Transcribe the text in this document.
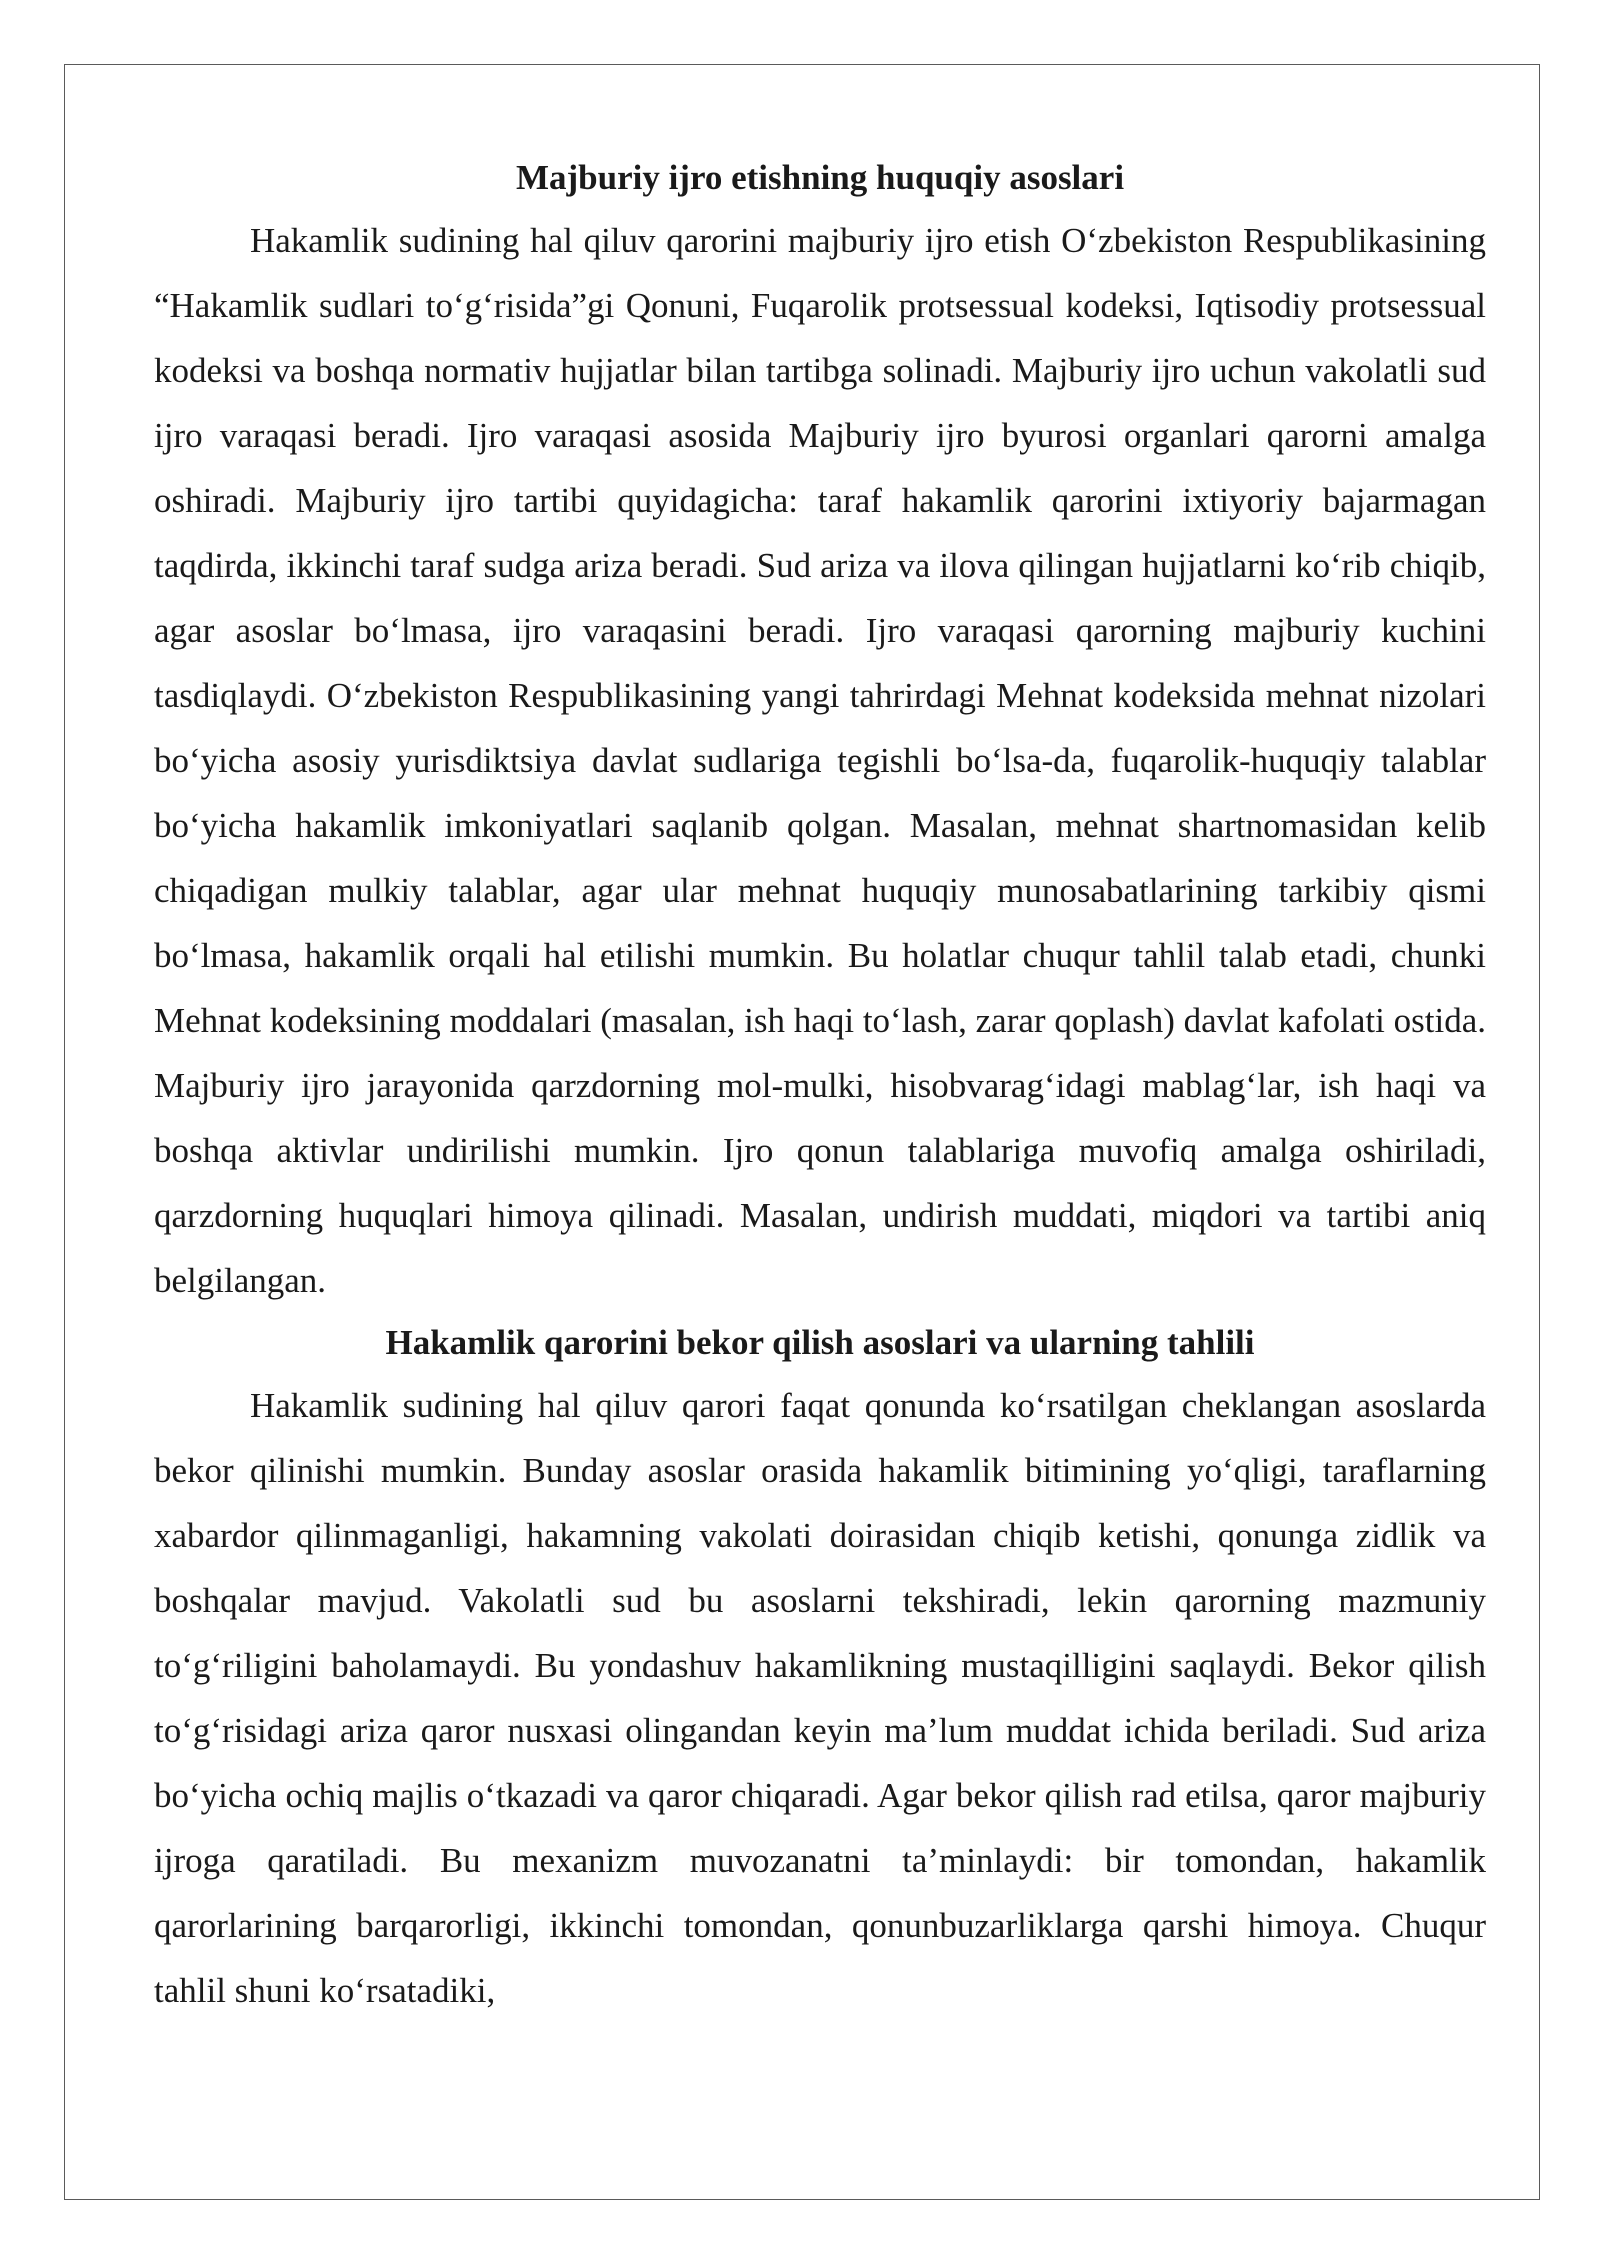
Majburiy ijro etishning huquqiy asoslari

Hakamlik sudining hal qiluv qarorini majburiy ijro etish O‘zbekiston Respublikasining “Hakamlik sudlari to‘g‘risida”gi Qonuni, Fuqarolik protsessual kodeksi, Iqtisodiy protsessual kodeksi va boshqa normativ hujjatlar bilan tartibga solinadi. Majburiy ijro uchun vakolatli sud ijro varaqasi beradi. Ijro varaqasi asosida Majburiy ijro byurosi organlari qarorni amalga oshiradi. Majburiy ijro tartibi quyidagicha: taraf hakamlik qarorini ixtiyoriy bajarmagan taqdirda, ikkinchi taraf sudga ariza beradi. Sud ariza va ilova qilingan hujjatlarni ko‘rib chiqib, agar asoslar bo‘lmasa, ijro varaqasini beradi. Ijro varaqasi qarorning majburiy kuchini tasdiqlaydi. O‘zbekiston Respublikasining yangi tahrirdagi Mehnat kodeksida mehnat nizolari bo‘yicha asosiy yurisdiktsiya davlat sudlariga tegishli bo‘lsa-da, fuqarolik-huquqiy talablar bo‘yicha hakamlik imkoniyatlari saqlanib qolgan. Masalan, mehnat shartnomasidan kelib chiqadigan mulkiy talablar, agar ular mehnat huquqiy munosabatlarining tarkibiy qismi bo‘lmasa, hakamlik orqali hal etilishi mumkin. Bu holatlar chuqur tahlil talab etadi, chunki Mehnat kodeksining moddalari (masalan, ish haqi to‘lash, zarar qoplash) davlat kafolati ostida. Majburiy ijro jarayonida qarzdorning mol-mulki, hisobvarag‘idagi mablag‘lar, ish haqi va boshqa aktivlar undirilishi mumkin. Ijro qonun talablariga muvofiq amalga oshiriladi, qarzdorning huquqlari himoya qilinadi. Masalan, undirish muddati, miqdori va tartibi aniq belgilangan.

Hakamlik qarorini bekor qilish asoslari va ularning tahlili

Hakamlik sudining hal qiluv qarori faqat qonunda ko‘rsatilgan cheklangan asoslarda bekor qilinishi mumkin. Bunday asoslar orasida hakamlik bitimining yo‘qligi, taraflarning xabardor qilinmaganligi, hakamning vakolati doirasidan chiqib ketishi, qonunga zidlik va boshqalar mavjud. Vakolatli sud bu asoslarni tekshiradi, lekin qarorning mazmuniy to‘g‘riligini baholamaydi. Bu yondashuv hakamlikning mustaqilligini saqlaydi. Bekor qilish to‘g‘risidagi ariza qaror nusxasi olingandan keyin ma’lum muddat ichida beriladi. Sud ariza bo‘yicha ochiq majlis o‘tkazadi va qaror chiqaradi. Agar bekor qilish rad etilsa, qaror majburiy ijroga qaratiladi. Bu mexanizm muvozanatni ta’minlaydi: bir tomondan, hakamlik qarorlarining barqarorligi, ikkinchi tomondan, qonunbuzarliklarga qarshi himoya. Chuqur tahlil shuni ko‘rsatadiki,
